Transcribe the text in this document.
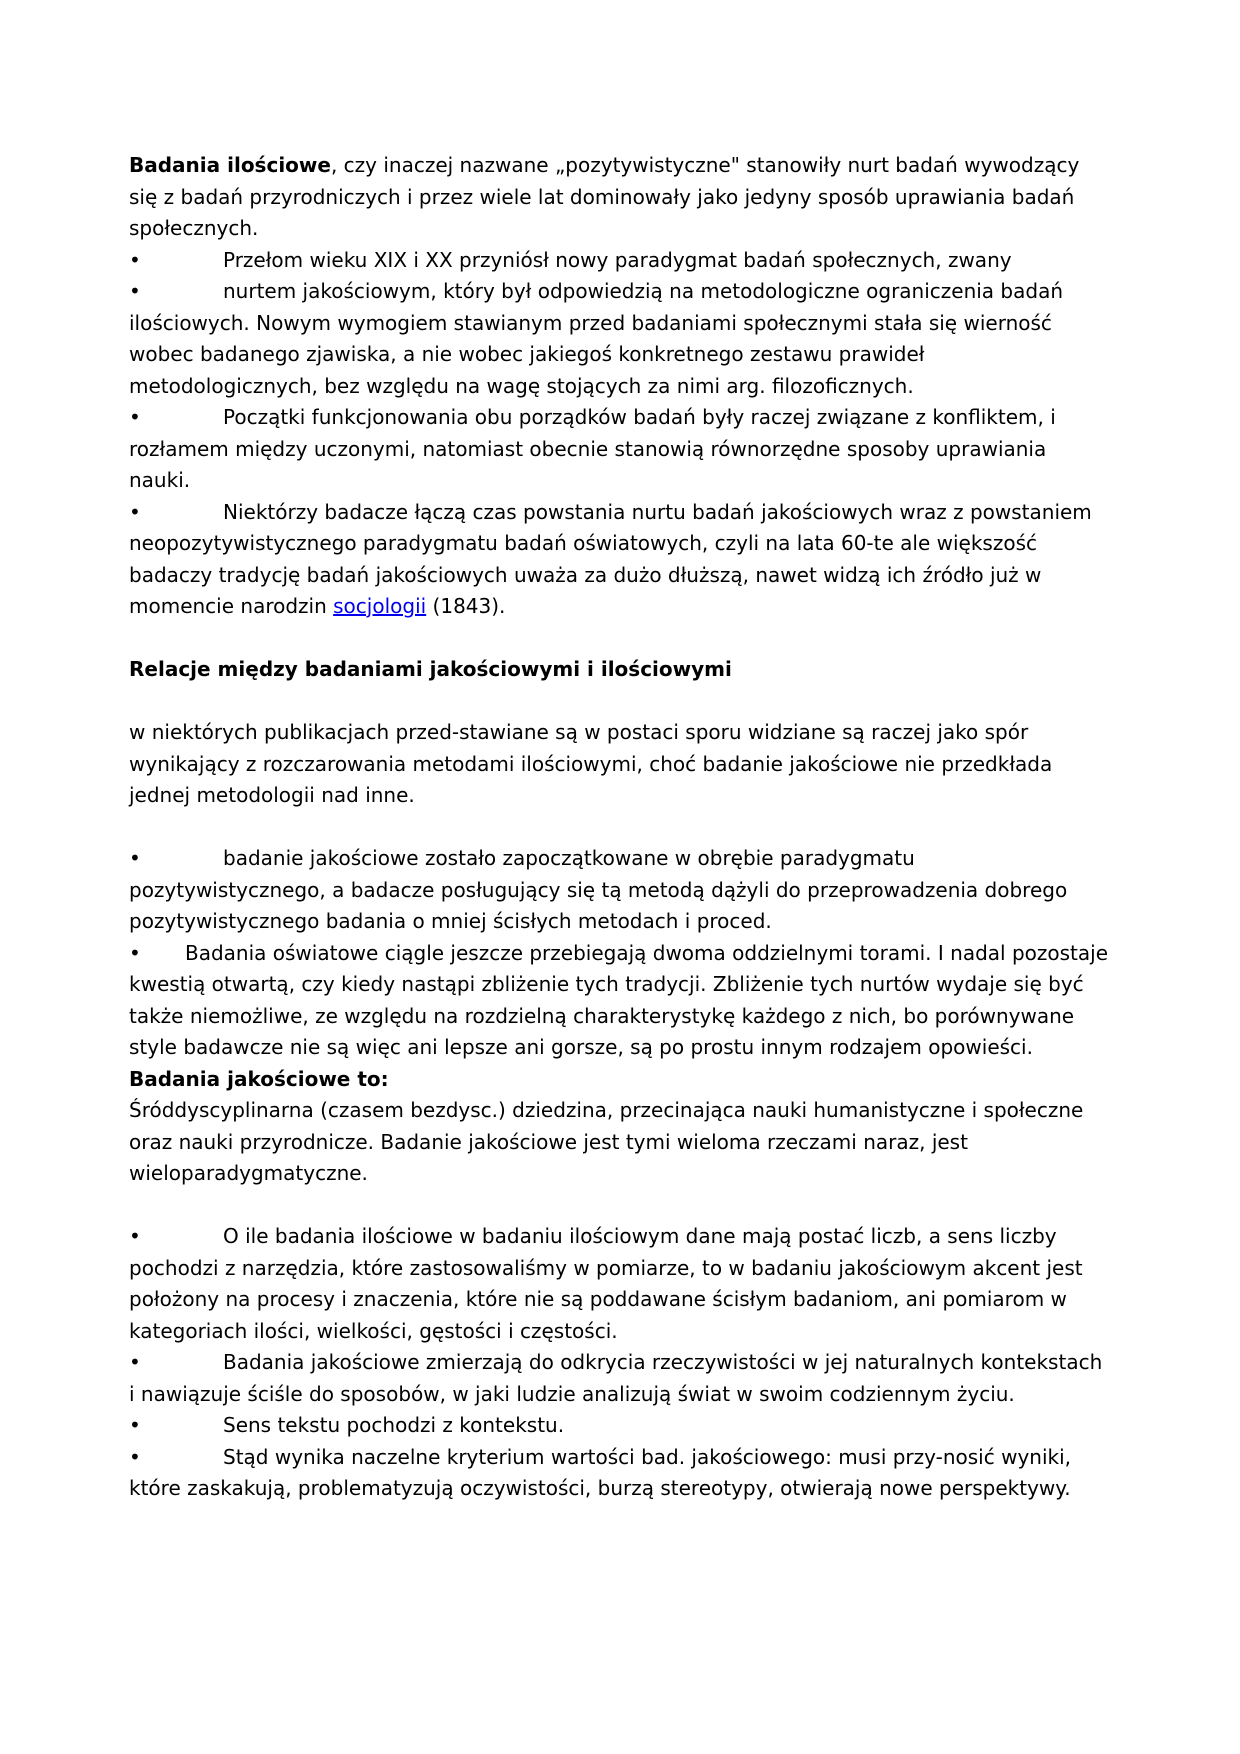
Badania ilościowe, czy inaczej nazwane „pozytywistyczne" stanowiły nurt badań wywodzący się z badań przyrodniczych i przez wiele lat dominowały jako jedyny sposób uprawiania badań społecznych.

•	Przełom wieku XIX i XX przyniósł nowy paradygmat badań społecznych, zwany

•	nurtem jakościowym, który był odpowiedzią na metodologiczne ograniczenia badań ilościowych. Nowym wymogiem stawianym przed badaniami społecznymi stała się wierność wobec badanego zjawiska, a nie wobec jakiegoś konkretnego zestawu prawideł metodologicznych, bez względu na wagę stojących za nimi arg. filozoficznych.

•	Początki funkcjonowania obu porządków badań były raczej związane z konfliktem, i rozłamem między uczonymi, natomiast obecnie stanowią równorzędne sposoby uprawiania nauki.

•	Niektórzy badacze łączą czas powstania nurtu badań jakościowych wraz z powstaniem neopozytywistycznego paradygmatu badań oświatowych, czyli na lata 60-te ale większość badaczy tradycję badań jakościowych uważa za dużo dłuższą, nawet widzą ich źródło już w momencie narodzin socjologii (1843).

Relacje między badaniami jakościowymi i ilościowymi

w niektórych publikacjach przed-stawiane są w postaci sporu widziane są raczej jako spór wynikający z rozczarowania metodami ilościowymi, choć badanie jakościowe nie przedkłada jednej metodologii nad inne.

•	badanie jakościowe zostało zapoczątkowane w obrębie paradygmatu pozytywistycznego, a badacze posługujący się tą metodą dążyli do przeprowadzenia dobrego pozytywistycznego badania o mniej ścisłych metodach i proced.

• Badania oświatowe ciągle jeszcze przebiegają dwoma oddzielnymi torami. I nadal pozostaje kwestią otwartą, czy kiedy nastąpi zbliżenie tych tradycji. Zbliżenie tych nurtów wydaje się być także niemożliwe, ze względu na rozdzielną charakterystykę każdego z nich, bo porównywane style badawcze nie są więc ani lepsze ani gorsze, są po prostu innym rodzajem opowieści.

Badania jakościowe to:

Śróddyscyplinarna (czasem bezdysc.) dziedzina, przecinająca nauki humanistyczne i społeczne oraz nauki przyrodnicze. Badanie jakościowe jest tymi wieloma rzeczami naraz, jest wieloparadygmatyczne.

•	O ile badania ilościowe w badaniu ilościowym dane mają postać liczb, a sens liczby pochodzi z narzędzia, które zastosowaliśmy w pomiarze, to w badaniu jakościowym akcent jest położony na procesy i znaczenia, które nie są poddawane ścisłym badaniom, ani pomiarom w kategoriach ilości, wielkości, gęstości i częstości.

•	Badania jakościowe zmierzają do odkrycia rzeczywistości w jej naturalnych kontekstach i nawiązuje ściśle do sposobów, w jaki ludzie analizują świat w swoim codziennym życiu.

•	Sens tekstu pochodzi z kontekstu.

•	Stąd wynika naczelne kryterium wartości bad. jakościowego: musi przy-nosić wyniki, które zaskakują, problematyzują oczywistości, burzą stereotypy, otwierają nowe perspektywy.
